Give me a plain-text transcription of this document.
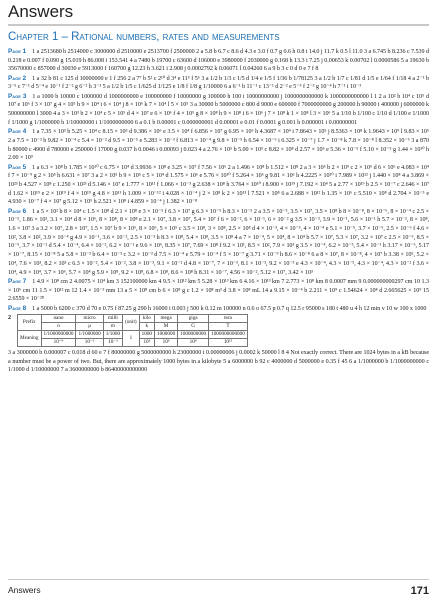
Answers
Chapter 1 – Rational numbers, rates and measurements

Page 1 1 a 2513680 b 2514000 c 3000000 d 2510000 e 2513700 f 2500000 2 a 5.8 b 6.7 c 8.6 d 4.3 e 3.0 f 0.7 g 0.6 h 0.8 i 14.0 j 11.7 k 0.5 l 11.0 3 a 6.745 b 8.236 c 7.539 d 0.218 e 0.007 f 0.090 g 15.019 h 86.008 i 153.541 4 a 7480 b 19700 c 63600 d 106000 e 3980000 f 2030000 g 0.168 h 13.3 i 7.25 j 0.00653 k 0.00702 l 0.0000586 5 a 19630 b 35670000 c 857000 d 30030 e 5913000 f 160700 g 12.23 h 3.621 i 2.908 j 0.0002792 k 0.06071 l 0.04260 6 a 9 b 3 c 0 d 0 e 7 f 8

Page 2 1 a 32 b 81 c 125 d 10000000 e 1 f 256 2 a 7⁷ b 5² c 2¹⁰ d 3⁴ e 11⁵ f 5⁶ 3 a 1/2 b 1/3 c 1/5 d 1/4 e 1/5 f 1/36 b 1/78125 3 a 1/2 b 1/7 c 1/81 d 1/5 e 1/64 f 1/18 4 a 2⁻¹ b 3⁻⁵ c 7⁻¹ d 5⁻⁴ e 10⁻¹ f 2⁻² g 6⁻² h 3⁻³ 5 a 1/2 b 1/5 c 1/625 d 1/125 e 1/8 f 1/8 g 1/10000 6 a 6⁻¹ b 11⁻¹ c 13⁻¹ d 2⁻² e 5⁻⁵ f 2⁻³ g 10⁻⁴ h 7⁻¹ i 10⁻³

Page 3 1 a 1000 b 10000 c 1000000 d 1000000000 e 100000000 f 10000000 g 100000 h 100 i 10000000000 j 1000000000000 k 1000000000000 l 1 2 a 10² b 10⁴ c 10⁵ d 10⁷ e 10⁶ f 3 × 10⁷ g 4 × 10⁵ h 9 × 10⁴ i 6 × 10⁴ j 8 × 10⁶ k 7 × 10⁴ l 5 × 10⁵ 3 a 30000 b 5000000 c 800 d 9000 e 600000 f 7000000000 g 200000 h 90000 i 400000 j 6000000 k 500000000 l 3000 4 a 3 × 10³ b 2 × 10⁴ c 5 × 10⁵ d 4 × 10⁷ e 6 × 10⁶ f 4 × 10⁵ g 8 × 10⁸ h 9 × 10⁸ i 6 × 10⁶ j 7 × 10⁸ k 1 × 10⁸ l 3 × 10⁶ 5 a 1/10 b 1/100 c 1/10 d 1/100 e 1/1000 f 1/1000 g 1/1000000 h 1/10000000 i 1/1000000000 6 a 0.1 b 0.00001 c 0.000000001 d 0.00001 e 0.01 f 0.0001 g 0.001 h 0.000001 i 0.00000001

Page 4 1 a 7.35 × 10³ b 5.25 × 10⁴ c 8.15 × 10⁵ d 9.386 × 10⁶ e 3.5 × 10⁴ f 6.856 × 10⁷ g 6.95 × 10⁶ h 4.3687 × 10⁴ i 7.8643 × 10⁵ j 8.5363 × 10⁸ k 1.9643 × 10⁹ l 9.83 × 10⁵ 2 a 7.5 × 10⁻³ b 9.82 × 10⁻⁴ c 5.4 × 10⁻² d 9.5 × 10⁻⁵ e 5.283 × 10⁻³ f 6.813 × 10⁻⁴ g 9.8 × 10⁻⁵ h 6.54 × 10⁻⁶ i 6.325 × 10⁻⁷ j 1.7 × 10⁻⁸ k 7.8 × 10⁻⁸ l 8.352 × 10⁻⁶ 3 a 870 b 80000 c 4900 d 780000 e 250000 f 17000 g 0.037 h 0.0046 i 0.00093 j 0.023 4 a 2.76 × 10⁵ b 5.00 × 10⁵ c 8.82 × 10⁸ d 2.57 × 10⁵ e 5.36 × 10⁻⁵ f 5.10 × 10⁻⁵ g 1.44 × 10¹⁰ h 2.00 × 10⁹

Page 5 1 a 6.3 × 10⁸ b 1.785 × 10¹⁰ c 6.75 × 10⁴ d 3.9936 × 10⁸ e 3.25 × 10⁷ f 7.56 × 10⁶ 2 a 1.496 × 10⁸ b 1.512 × 10⁸ 2 a 3 × 10⁶ b 2 × 10⁹ c 2 × 10⁶ d 6 × 10⁶ e 4.083 × 10⁴ f 7 × 10⁻⁹ g 2 × 10⁵ h 6.631 × 10⁷ 3 a 2 × 10⁵ b 9 × 10⁵ c 5 × 10⁴ d 1.575 × 10⁶ e 5.76 × 10¹⁰ f 5.264 × 10⁶ g 9.81 × 10⁶ h 4.2225 × 10¹⁰ i 7.989 × 10¹² j 1.440 × 10⁸ 4 a 3.869 × 10²³ b 4.527 × 10⁸ c 1.250 × 10²³ d 5.146 × 10⁷ e 1.777 × 10¹¹ f 1.066 × 10⁻³ g 2.638 × 10⁸ h 3.764 × 10¹⁰ i 8.900 × 10¹⁹ j 7.192 × 10⁴ 5 a 2.77 × 10¹⁹ b 2.5 × 10⁻⁷ c 2.646 × 10⁷ d 1.62 × 10¹⁹ e 2 × 10¹⁹ f 4 × 10¹⁹ g 4.8 × 10¹¹ h 1.009 × 10⁻¹² i 4.028 × 10⁻⁴ j 2 × 10⁸ k 2 × 10¹³ l 7.521 × 10⁸ 6 a 2.688 × 10¹² b 1.35 × 10⁶ c 5.510 × 10⁸ d 2.704 × 10⁻⁵ e 4.930 × 10⁻⁷ f 4 × 10⁷ g 5.12 × 10⁵ h 2.521 × 10⁸ i 4.859 × 10⁻⁴ j 1.382 × 10⁻⁸

Page 6 1 a 5 × 10² b 8 × 10⁴ c 1.5 × 10⁸ d 2.1 × 10⁸ e 3 × 10⁻⁵ f 6.3 × 10⁷ g 6.3 × 10⁻⁵ h 8.3 × 10⁻⁵ 2 a 3.5 × 10⁻³, 3.5 × 10⁷, 3.5 × 10⁸ b 8 × 10⁻⁸, 8 × 10⁻⁶, 8 × 10⁻⁴ c 2.5 × 10⁻⁵, 1.86 × 10³, 3.1 × 10⁴ d 8 × 10⁶, 8 × 10⁸, 8 × 10⁸ e 2.1 × 10⁷, 3.8 × 10⁷, 5.4 × 10⁷ f 6 × 10⁻², 6 × 10⁻¹, 6 × 10⁻² g 3.5 × 10⁻³, 3.9 × 10⁻¹, 5.6 × 10⁻¹ h 5.7 × 10⁻², 8 × 10⁸, 1.6 × 10⁷ 3 a 3.2 × 10⁷, 2.8 × 10⁷, 1.5 × 10⁷ b 9 × 10⁶, 8 × 10⁶, 5 × 10⁵ c 3.5 × 10⁸, 3 × 10⁸, 2.5 × 10⁸ d 4 × 10⁻³, 4 × 10⁻³, 4 × 10⁻⁴ e 5.1 × 10⁻⁵, 3.7 × 10⁻⁵, 2.5 × 10⁻⁶ f 4.6 × 10², 3.8 × 10², 3.9 × 10⁻⁴ g 4.9 × 10⁻¹, 3.6 × 10⁻², 2.5 × 10⁻³ h 8.3 × 10⁸, 5.4 × 10⁸, 3.5 × 10⁸ 4 a 7 × 10⁻⁴, 5 × 10⁴, 8 × 10⁴ b 5.7 × 10⁷, 5.3 × 10⁷, 3.2 × 10⁷ c 2.5 × 10⁻⁶, 8.5 × 10⁻⁵, 3.7 × 10⁻² d 5.4 × 10⁻⁴, 6.4 × 10⁻², 6.2 × 10⁻¹ e 9.6 × 10⁶, 8.35 × 10⁷, 7.69 × 10⁸ f 9.2 × 10¹, 8.5 × 10², 7.9 × 10³ g 3.5 × 10⁻⁴, 6.2 × 10⁻³, 5.4 × 10⁻¹ h 3.17 × 10⁻⁶, 5.17 × 10⁻⁷, 8.15 × 10⁻⁸ 5 a 5.8 × 10⁻³ b 6.4 × 10⁻³ c 3.2 × 10⁻³ d 7.5 × 10⁻⁴ e 5.79 × 10⁻⁴ f 5 × 10⁻⁷ g 3.71 × 10⁻⁹ h 8.6 × 10⁻⁸ 6 a 8 × 10⁷, 8 × 10⁻⁸, 4 × 10⁷ b 3.38 × 10⁵, 5.2 × 10⁴, 7.6 × 10³, 8.2 × 10³ c 6.3 × 10⁻², 5.4 × 10⁻², 3.8 × 10⁻³, 9.1 × 10⁻² d 4.8 × 10⁻⁷, 7 × 10⁻³, 8.1 × 10⁻³, 9.2 × 10⁻³ e 4.3 × 10⁻⁴, 4.3 × 10⁻⁵, 4.3 × 10⁻⁴, 4.3 × 10⁻² f 3.6 × 10⁴, 4.9 × 10⁴, 3.7 × 10⁶, 5.7 × 10⁴ g 5.9 × 10⁸, 9.2 × 10⁸, 6.8 × 10⁸, 8.6 × 10⁸ h 8.31 × 10⁻⁷, 4.56 × 10⁻², 5.12 × 10⁷, 3.42 × 10³

Page 7 1 4.9 × 10⁸ cm 2 4.0075 × 10⁴ km 3 152100000 km 4 9.5 × 10¹² km 5 5.28 × 10¹³ km 6 4.16 × 10¹³ km 7 2.773 × 10⁸ km 8 0.0007 mm 9 0.000000000297 cm 10 1.3 × 10⁶ cm 11 1.5 × 10¹² m 12 1.4 × 10⁻³ mm 13 a 5 × 10⁸ cm b 6 × 10⁸ g c 1.2 × 10⁸ m³ d 3.8 × 10⁸ mL 14 a 9.15 × 10⁻⁴ b 2.211 × 10⁹ c 1.54624 × 10⁸ d 2.665625 × 10⁹ 15 2.6559 × 10⁻²⁸

Page 8 1 a 5000 b 6200 c 370 d 70 e 0.75 f 87.25 g 290 h 16000 i 0.003 j 500 k 0.12 m 100000 n 0.6 o 67.5 p 0.7 q 12.5 r 95000 s 180 t 480 u 4 h 12 min v 10 w 100 x 1000

2
Prefix	nano	micro	milli	(unit)	kilo	mega	giga	tera
	n	μ	m		k	M	G	T
Meaning	1/1000000000	1/1000000	1/1000	1	1000	1000000	1000000000	1000000000000
	10⁻⁹	10⁻⁶	10⁻³		10³	10⁶	10⁹	10¹²

3 a 3000000 b 0.000007 c 0.018 d 60 e 7 f 80000000 g 5000000000 h 23000000 i 0.00000006 j 0.0002 k 50000 l 8 4 Not exactly correct. There are 1024 bytes in a kB because a number must be a power of two. But, there are approximately 1000 bytes in a kilobyte 5 a 6000000 b 92 c 4000000 d 5000000 e 0.35 f 45 6 a 1/1000000 b 1/1000000000 c 1/1000 d 1/10000000 7 a 3600000000 b 86400000000000

Answers	171
